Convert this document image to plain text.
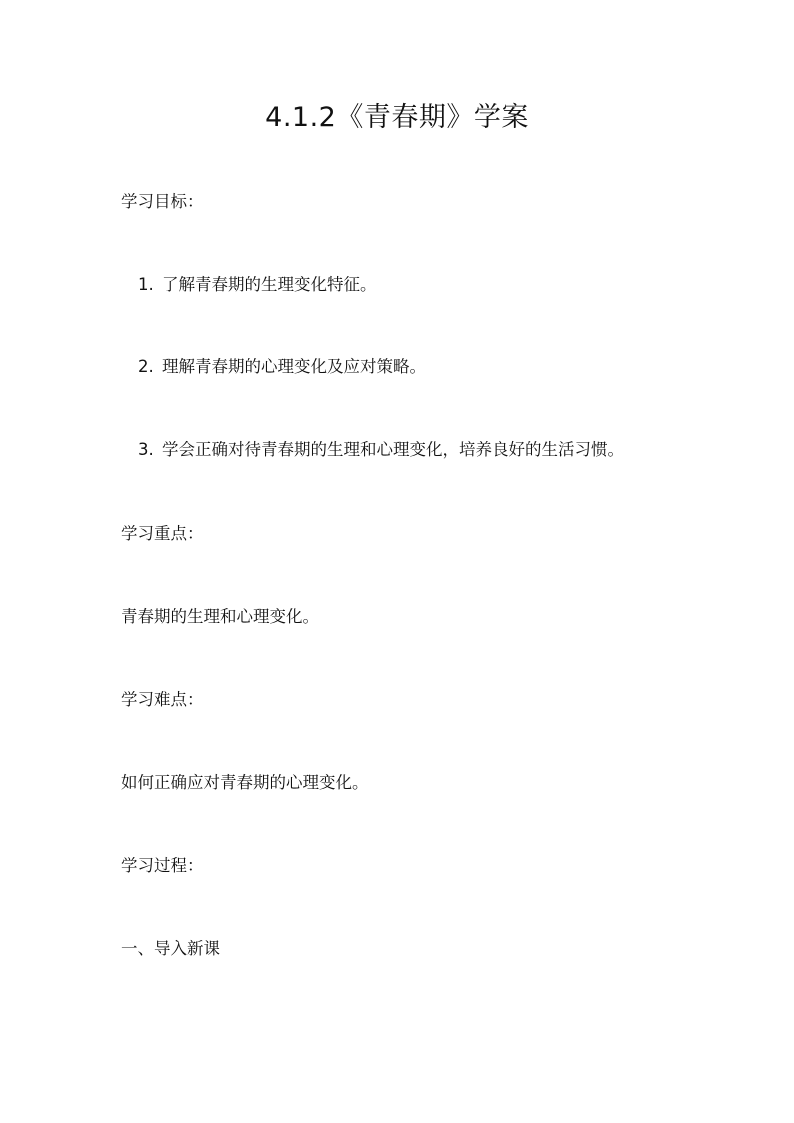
4.1.2《青春期》学案
学习目标：
1. 了解青春期的生理变化特征。
2. 理解青春期的心理变化及应对策略。
3. 学会正确对待青春期的生理和心理变化，培养良好的生活习惯。
学习重点：
青春期的生理和心理变化。
学习难点：
如何正确应对青春期的心理变化。
学习过程：
一、导入新课
